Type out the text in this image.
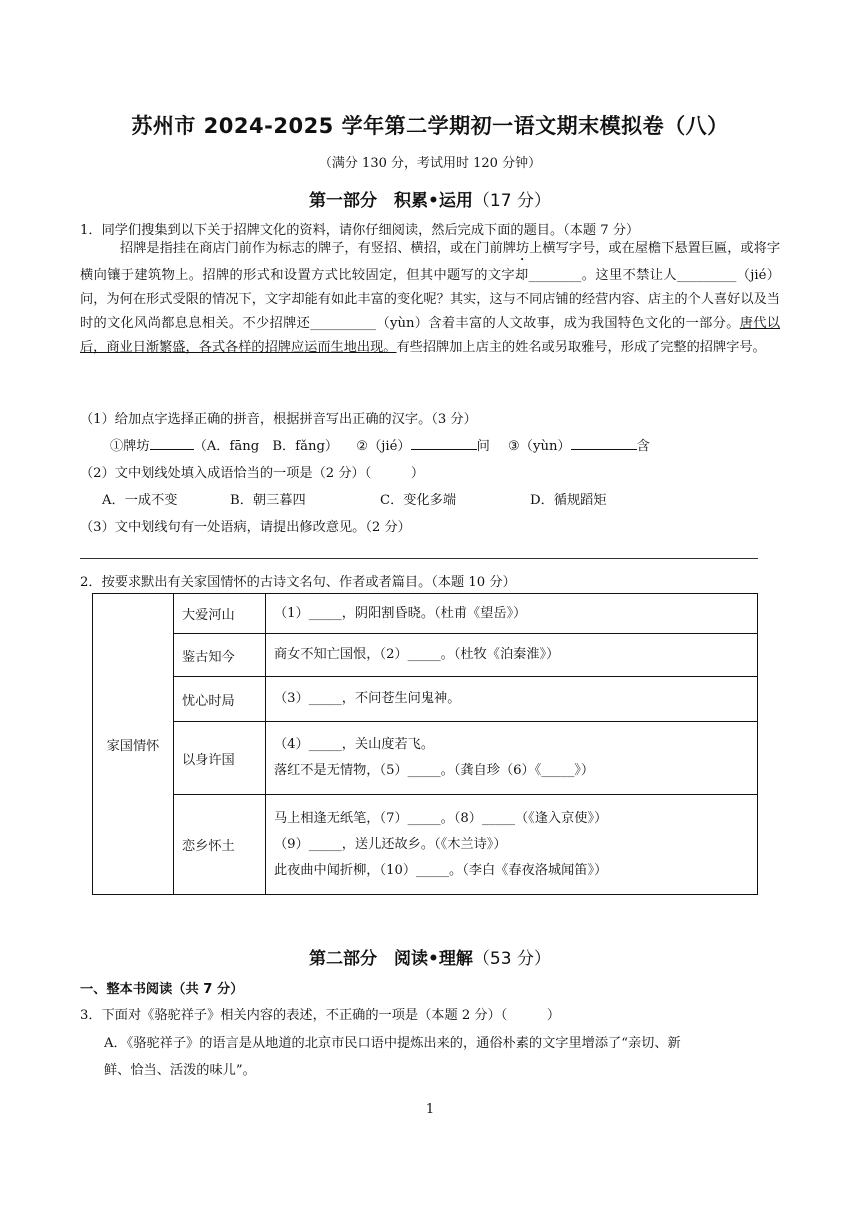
苏州市 2024-2025 学年第二学期初一语文期末模拟卷（八）
（满分 130 分，考试用时 120 分钟）
第一部分　积累•运用（17 分）
1．同学们搜集到以下关于招牌文化的资料，请你仔细阅读，然后完成下面的题目。（本题 7 分）
招牌是指挂在商店门前作为标志的牌子，有竖招、横招，或在门前牌坊上横写字号，或在屋檐下悬置巨匾，或将字横向镶于建筑物上。招牌的形式和设置方式比较固定，但其中题写的文字却________。这里不禁让人_________（jié）问，为何在形式受限的情况下，文字却能有如此丰富的变化呢？其实，这与不同店铺的经营内容、店主的个人喜好以及当时的文化风尚都息息相关。不少招牌还__________（yùn）含着丰富的人文故事，成为我国特色文化的一部分。唐代以后，商业日渐繁盛，各式各样的招牌应运而生地出现。有些招牌加上店主的姓名或另取雅号，形成了完整的招牌字号。
（1）给加点字选择正确的拼音，根据拼音写出正确的汉字。（3 分）
①牌坊	（A．fāng　B．fǎng） ②（jié）	问 ③（yùn）	含
（2）文中划线处填入成语恰当的一项是（2 分）（　　　）
A．一成不变	B．朝三暮四	C．变化多端	D．循规蹈矩
（3）文中划线句有一处语病，请提出修改意见。（2 分）
2．按要求默出有关家国情怀的古诗文名句、作者或者篇目。（本题 10 分）
家国情怀	大爱河山	（1）_____，阴阳割昏晓。（杜甫《望岳》）

	鉴古知今	商女不知亡国恨，（2）_____。（杜牧《泊秦淮》）

	忧心时局	（3）_____，不问苍生问鬼神。

	以身许国	（4）_____，关山度若飞。
落红不是无情物，（5）_____。（龚自珍（6）《_____》）

	恋乡怀土	马上相逢无纸笔，（7）_____。（8）_____（《逢入京使》）
（9）_____，送儿还故乡。（《木兰诗》）
此夜曲中闻折柳，（10）_____。（李白《春夜洛城闻笛》）
第二部分　阅读•理解（53 分）
一、整本书阅读（共 7 分）
3．下面对《骆驼祥子》相关内容的表述，不正确的一项是（本题 2 分）（　　　）
A．《骆驼祥子》的语言是从地道的北京市民口语中提炼出来的，通俗朴素的文字里增添了“亲切、新
鲜、恰当、活泼的味儿”。
1
